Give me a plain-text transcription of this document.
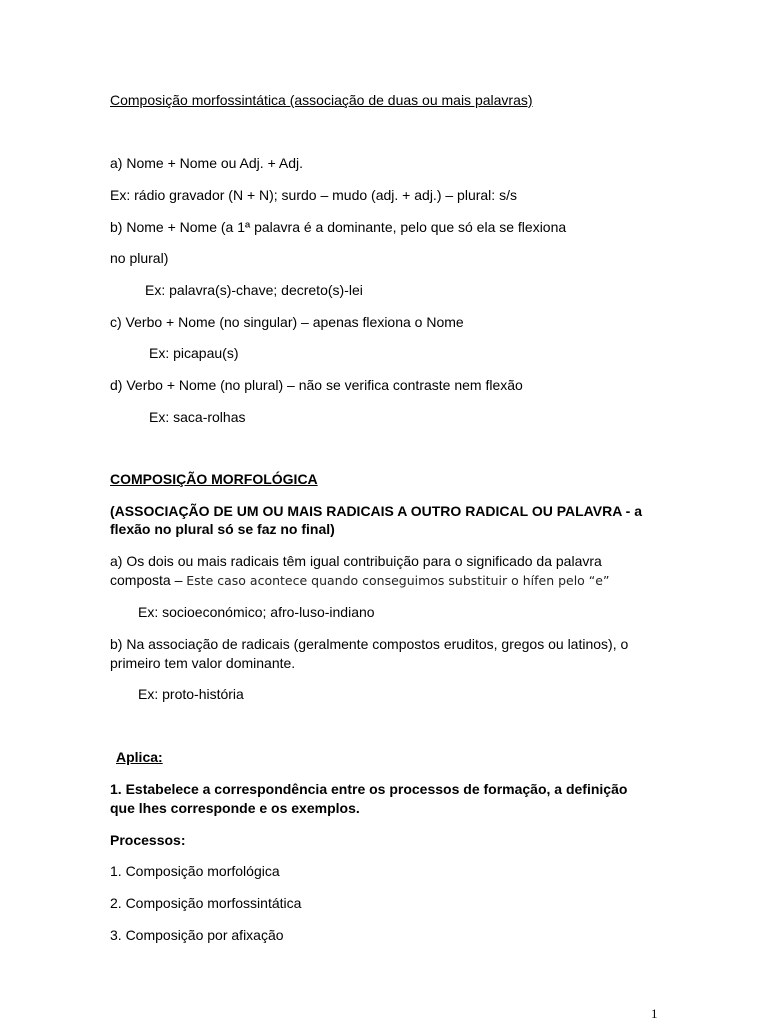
Composição morfossintática (associação de duas ou mais palavras)
a) Nome + Nome ou Adj. + Adj.
Ex: rádio gravador (N + N); surdo – mudo (adj. + adj.) – plural: s/s
b) Nome + Nome (a 1ª palavra é a dominante, pelo que só ela se flexiona
no plural)
Ex: palavra(s)-chave; decreto(s)-lei
c) Verbo + Nome (no singular) – apenas flexiona o Nome
Ex: picapau(s)
d) Verbo + Nome (no plural) – não se verifica contraste nem flexão
Ex: saca-rolhas
COMPOSIÇÃO MORFOLÓGICA
(ASSOCIAÇÃO DE UM OU MAIS RADICAIS A OUTRO RADICAL OU PALAVRA - a
flexão no plural só se faz no final)
a) Os dois ou mais radicais têm igual contribuição para o significado da palavra
composta – Este caso acontece quando conseguimos substituir o hífen pelo “e”
Ex: socioeconómico; afro-luso-indiano
b) Na associação de radicais (geralmente compostos eruditos, gregos ou latinos), o
primeiro tem valor dominante.
Ex: proto-história
Aplica:
1. Estabelece a correspondência entre os processos de formação, a definição
que lhes corresponde e os exemplos.
Processos:
1. Composição morfológica
2. Composição morfossintática
3. Composição por afixação
1
